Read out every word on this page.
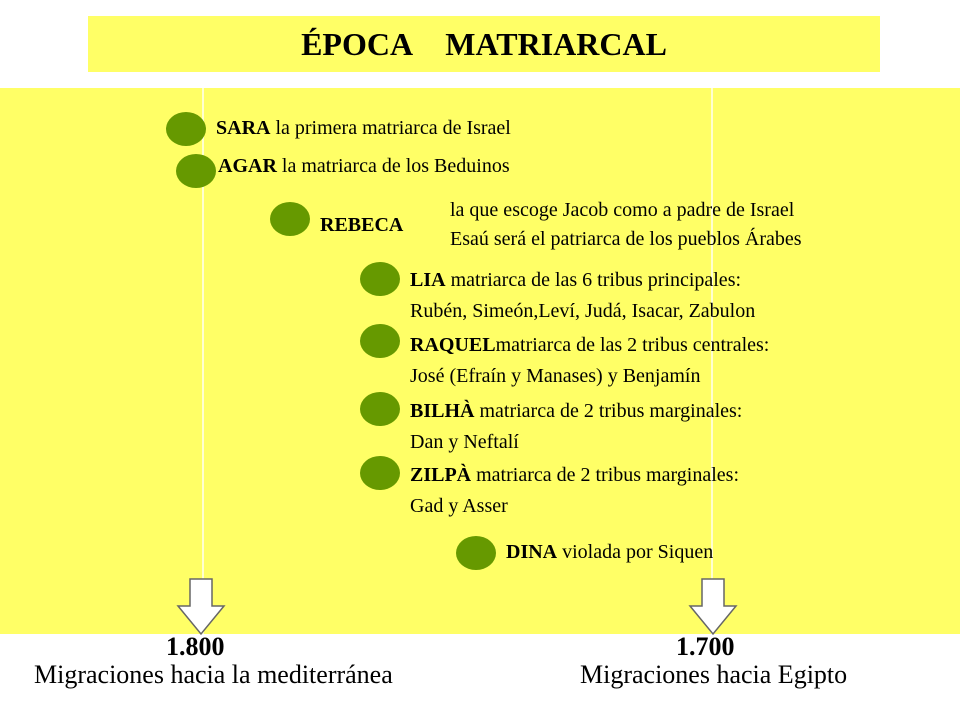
ÉPOCA MATRIARCAL
SARA la primera matriarca de Israel
AGAR la matriarca de los Beduinos
REBECA
la que escoge Jacob como a padre de Israel
Esaú será el patriarca de los pueblos Árabes
LIA matriarca de las 6 tribus principales:
Rubén, Simeón,Leví, Judá, Isacar, Zabulon
RAQUELmatriarca de las 2 tribus centrales:
José (Efraín y Manases) y Benjamín
BILHÀ matriarca de 2 tribus marginales:
Dan y Neftalí
ZILPÀ matriarca de 2 tribus marginales:
Gad y Asser
DINA violada por Siquen
1.800	1.700
Migraciones hacia la mediterránea	Migraciones hacia Egipto
